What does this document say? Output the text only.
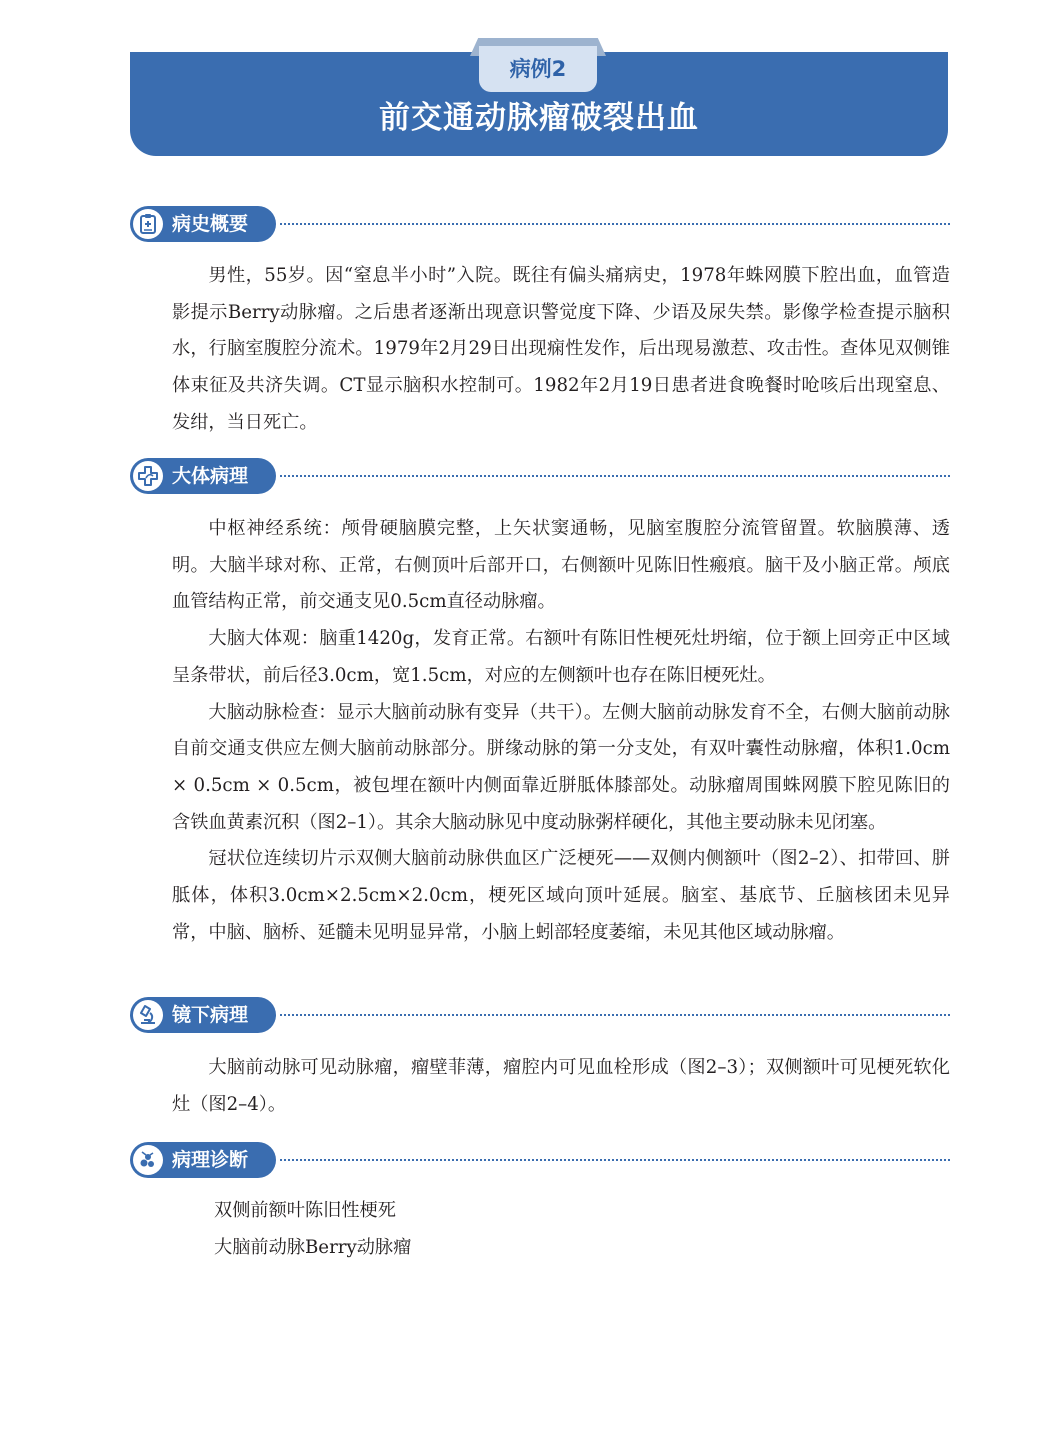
病例2
前交通动脉瘤破裂出血
病史概要

男性，55岁。因“窒息半小时”入院。既往有偏头痛病史，1978年蛛网膜下腔出血，血管造影提示Berry动脉瘤。之后患者逐渐出现意识警觉度下降、少语及尿失禁。影像学检查提示脑积水，行脑室腹腔分流术。1979年2月29日出现痫性发作，后出现易激惹、攻击性。查体见双侧锥体束征及共济失调。CT显示脑积水控制可。1982年2月19日患者进食晚餐时呛咳后出现窒息、发绀，当日死亡。

大体病理

中枢神经系统：颅骨硬脑膜完整，上矢状窦通畅，见脑室腹腔分流管留置。软脑膜薄、透明。大脑半球对称、正常，右侧顶叶后部开口，右侧额叶见陈旧性瘢痕。脑干及小脑正常。颅底血管结构正常，前交通支见0.5cm直径动脉瘤。

大脑大体观：脑重1420g，发育正常。右额叶有陈旧性梗死灶坍缩，位于额上回旁正中区域呈条带状，前后径3.0cm，宽1.5cm，对应的左侧额叶也存在陈旧梗死灶。

大脑动脉检查：显示大脑前动脉有变异（共干）。左侧大脑前动脉发育不全，右侧大脑前动脉自前交通支供应左侧大脑前动脉部分。胼缘动脉的第一分支处，有双叶囊性动脉瘤，体积1.0cm × 0.5cm × 0.5cm，被包埋在额叶内侧面靠近胼胝体膝部处。动脉瘤周围蛛网膜下腔见陈旧的含铁血黄素沉积（图2–1）。其余大脑动脉见中度动脉粥样硬化，其他主要动脉未见闭塞。

冠状位连续切片示双侧大脑前动脉供血区广泛梗死——双侧内侧额叶（图2–2）、扣带回、胼胝体，体积3.0cm×2.5cm×2.0cm，梗死区域向顶叶延展。脑室、基底节、丘脑核团未见异常，中脑、脑桥、延髓未见明显异常，小脑上蚓部轻度萎缩，未见其他区域动脉瘤。

镜下病理

大脑前动脉可见动脉瘤，瘤壁菲薄，瘤腔内可见血栓形成（图2–3）；双侧额叶可见梗死软化灶（图2–4）。

病理诊断
双侧前额叶陈旧性梗死
大脑前动脉Berry动脉瘤
